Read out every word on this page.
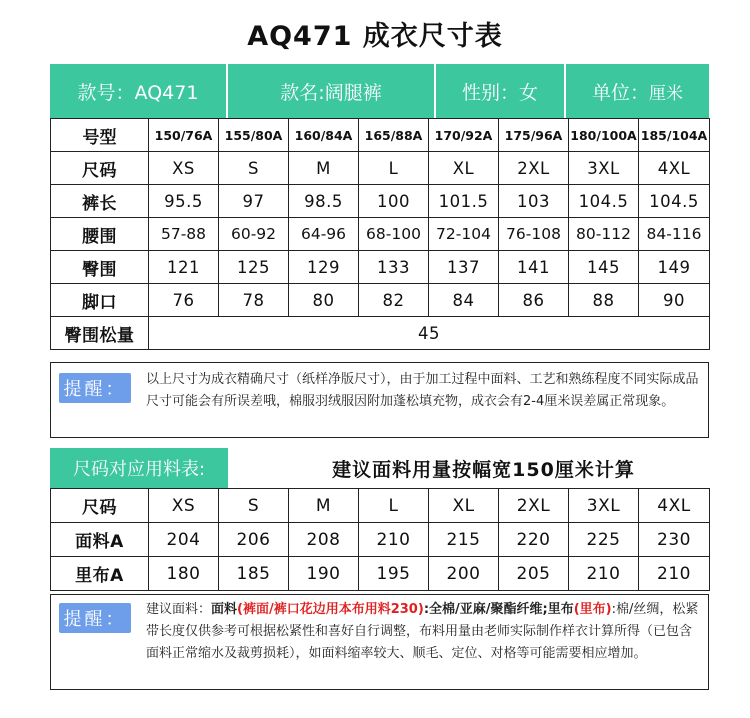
AQ471 成衣尺寸表
款号：AQ471	款名:阔腿裤	性别：女	单位： 厘米
号型	150/76A	155/80A	160/84A	165/88A	170/92A	175/96A	180/100A	185/104A
尺码	XS	S	M	L	XL	2XL	3XL	4XL
裤长	95.5	97	98.5	100	101.5	103	104.5	104.5
腰围	57-88	60-92	64-96	68-100	72-104	76-108	80-112	84-116
臀围	121	125	129	133	137	141	145	149
脚口	76	78	80	82	84	86	88	90
臀围松量	45							
提醒：	以上尺寸为成衣精确尺寸（纸样净版尺寸），由于加工过程中面料、工艺和熟练程度不同实际成品尺寸可能会有所误差哦，棉服羽绒服因附加蓬松填充物，成衣会有2-4厘米误差属正常现象。
尺码对应用料表:	建议面料用量按幅宽150厘米计算
尺码	XS	S	M	L	XL	2XL	3XL	4XL
面料A	204	206	208	210	215	220	225	230
里布A	180	185	190	195	200	205	210	210
提醒：	建议面料：面料(裤面/裤口花边用本布用料230):全棉/亚麻/聚酯纤维;里布(里布):棉/丝绸，松紧带长度仅供参考可根据松紧性和喜好自行调整，布料用量由老师实际制作样衣计算所得（已包含面料正常缩水及裁剪损耗），如面料缩率较大、顺毛、定位、对格等可能需要相应增加。
